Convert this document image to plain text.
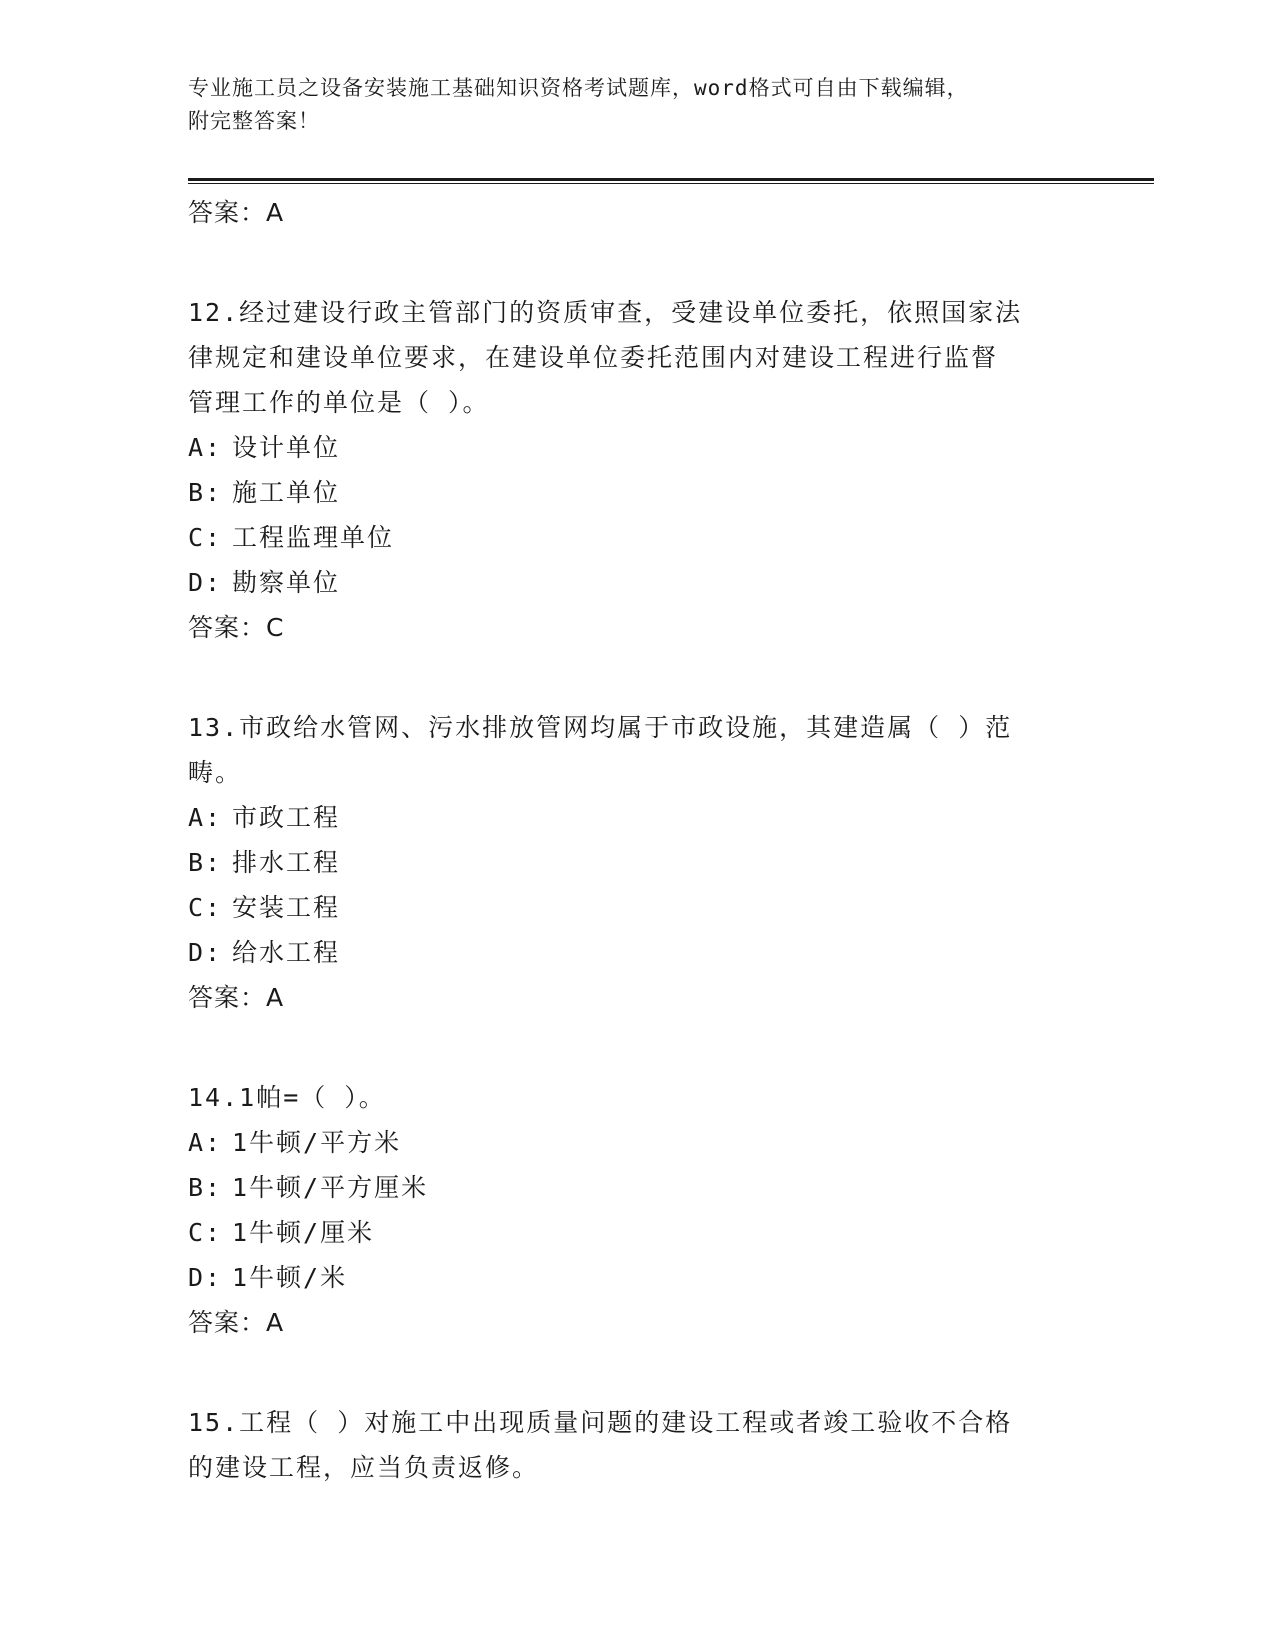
专业施工员之设备安装施工基础知识资格考试题库，word格式可自由下载编辑，
附完整答案！

答案：A

12.经过建设行政主管部门的资质审查，受建设单位委托，依照国家法

律规定和建设单位要求，在建设单位委托范围内对建设工程进行监督

管理工作的单位是（ ）。

A: 设计单位

B: 施工单位

C: 工程监理单位

D: 勘察单位

答案：C

13.市政给水管网、污水排放管网均属于市政设施，其建造属（ ）范

畴。

A: 市政工程

B: 排水工程

C: 安装工程

D: 给水工程

答案：A

14.1帕=（ ）。

A: 1牛顿/平方米

B: 1牛顿/平方厘米

C: 1牛顿/厘米

D: 1牛顿/米

答案：A

15.工程（ ）对施工中出现质量问题的建设工程或者竣工验收不合格

的建设工程，应当负责返修。
